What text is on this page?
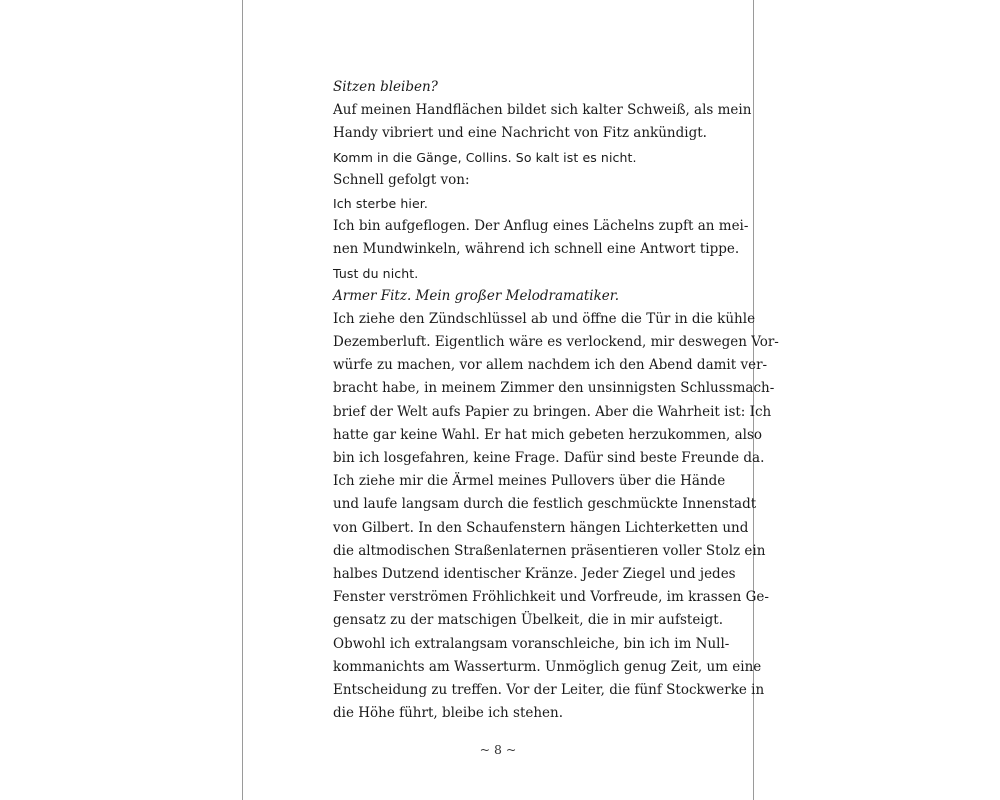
Sitzen bleiben?
Auf meinen Handflächen bildet sich kalter Schweiß, als mein
Handy vibriert und eine Nachricht von Fitz ankündigt.
Komm in die Gänge, Collins. So kalt ist es nicht.
Schnell gefolgt von:
Ich sterbe hier.
Ich bin aufgeflogen. Der Anflug eines Lächelns zupft an mei-
nen Mundwinkeln, während ich schnell eine Antwort tippe.
Tust du nicht.
Armer Fitz. Mein großer Melodramatiker.
Ich ziehe den Zündschlüssel ab und öffne die Tür in die kühle
Dezemberluft. Eigentlich wäre es verlockend, mir deswegen Vor-
würfe zu machen, vor allem nachdem ich den Abend damit ver-
bracht habe, in meinem Zimmer den unsinnigsten Schlussmach-
brief der Welt aufs Papier zu bringen. Aber die Wahrheit ist: Ich
hatte gar keine Wahl. Er hat mich gebeten herzukommen, also
bin ich losgefahren, keine Frage. Dafür sind beste Freunde da.
Ich ziehe mir die Ärmel meines Pullovers über die Hände
und laufe langsam durch die festlich geschmückte Innenstadt
von Gilbert. In den Schaufenstern hängen Lichterketten und
die altmodischen Straßenlaternen präsentieren voller Stolz ein
halbes Dutzend identischer Kränze. Jeder Ziegel und jedes
Fenster verströmen Fröhlichkeit und Vorfreude, im krassen Ge-
gensatz zu der matschigen Übelkeit, die in mir aufsteigt.
Obwohl ich extralangsam voranschleiche, bin ich im Null-
kommanichts am Wasserturm. Unmöglich genug Zeit, um eine
Entscheidung zu treffen. Vor der Leiter, die fünf Stockwerke in
die Höhe führt, bleibe ich stehen.
~ 8 ~
